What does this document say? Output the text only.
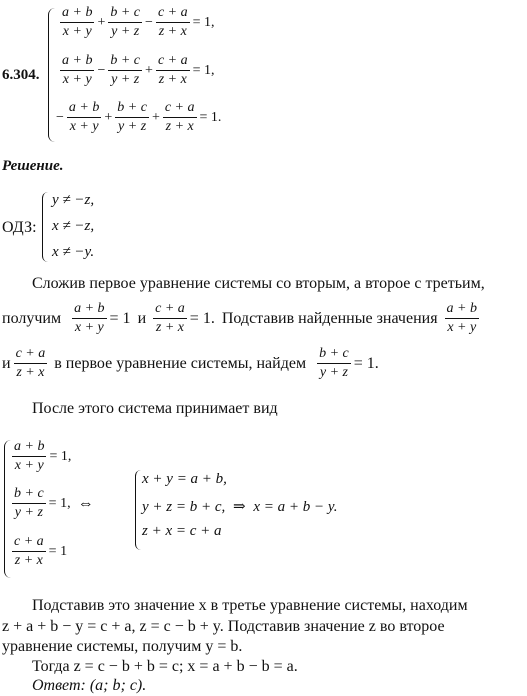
6.304.
$\frac{a + b}{x + y} + \frac{b + c}{y + z} - \frac{c + a}{z + x} = 1$,
$\frac{a + b}{x + y} - \frac{b + c}{y + z} + \frac{c + a}{z + x} = 1$,
− $\frac{a + b}{x + y} + \frac{b + c}{y + z} + \frac{c + a}{z + x} = 1$.
Решение.
ОДЗ:
y ≠ −z,
x ≠ −z,
x ≠ −y.
Сложив первое уравнение системы со вторым, а второе с третьим,
получим $\frac{a + b}{x + y} = 1$ и $\frac{c + a}{z + x} = 1$. Подставив найденные значения $\frac{a + b}{x + y}$
и $\frac{c + a}{z + x}$ в первое уравнение системы, найдем $\frac{b + c}{y + z} = 1$.
После этого система принимает вид
$\frac{a + b}{x + y} = 1$,
$\frac{b + c}{y + z} = 1$, ⇔
$\frac{c + a}{z + x} = 1$
x + y = a + b,
y + z = b + c, ⇒ x = a + b − y.
z + x = c + a
Подставив это значение x в третье уравнение системы, находим
z + a + b − y = c + a, z = c − b + y. Подставив значение z во второе
уравнение системы, получим y = b.
Тогда z = c − b + b = c; x = a + b − b = a.
Ответ: (a; b; c).
